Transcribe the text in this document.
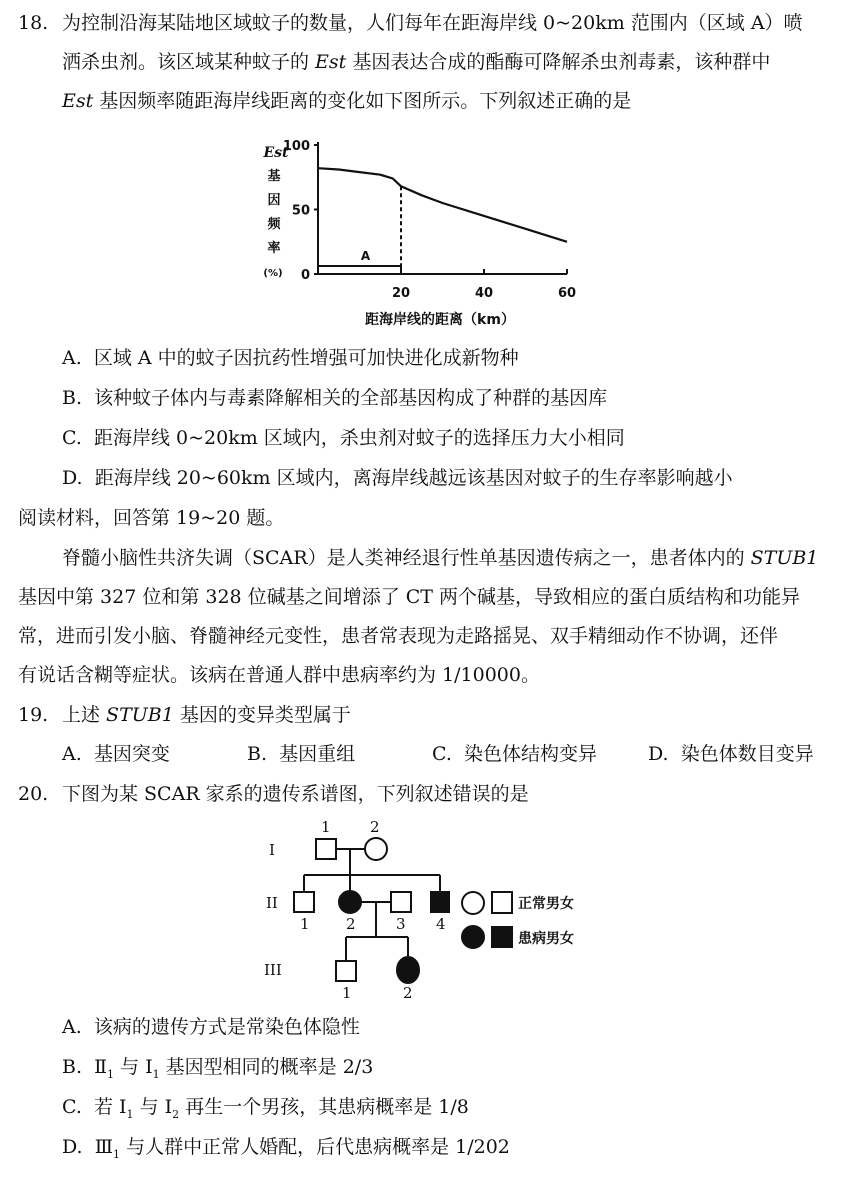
18. 为控制沿海某陆地区域蚊子的数量，人们每年在距海岸线 0~20km 范围内（区域 A）喷
洒杀虫剂。该区域某种蚊子的 Est 基因表达合成的酯酶可降解杀虫剂毒素，该种群中
Est 基因频率随距海岸线距离的变化如下图所示。下列叙述正确的是
0
50
100
20	40	60
Est
基
因
频
率
(%)
距海岸线的距离（km）
A
A. 区域 A 中的蚊子因抗药性增强可加快进化成新物种
B. 该种蚊子体内与毒素降解相关的全部基因构成了种群的基因库
C. 距海岸线 0~20km 区域内，杀虫剂对蚊子的选择压力大小相同
D. 距海岸线 20~60km 区域内，离海岸线越远该基因对蚊子的生存率影响越小
阅读材料，回答第 19~20 题。
脊髓小脑性共济失调（SCAR）是人类神经退行性单基因遗传病之一，患者体内的 STUB1
基因中第 327 位和第 328 位碱基之间增添了 CT 两个碱基，导致相应的蛋白质结构和功能异
常，进而引发小脑、脊髓神经元变性，患者常表现为走路摇晃、双手精细动作不协调，还伴
有说话含糊等症状。该病在普通人群中患病率约为 1/10000。
19. 上述 STUB1 基因的变异类型属于
A. 基因突变	B. 基因重组	C. 染色体结构变异	D. 染色体数目变异
20. 下图为某 SCAR 家系的遗传系谱图，下列叙述错误的是
I
II
III
1	2
1 2	3 4
1	2
正常男女
患病男女
A. 该病的遗传方式是常染色体隐性
B. $Ⅱ_1$ 与 $Ⅰ_1$ 基因型相同的概率是 2/3
C. 若 $Ⅰ_1$ 与 $Ⅰ_2$ 再生一个男孩，其患病概率是 1/8
D. $Ⅲ_1$ 与人群中正常人婚配，后代患病概率是 1/202
